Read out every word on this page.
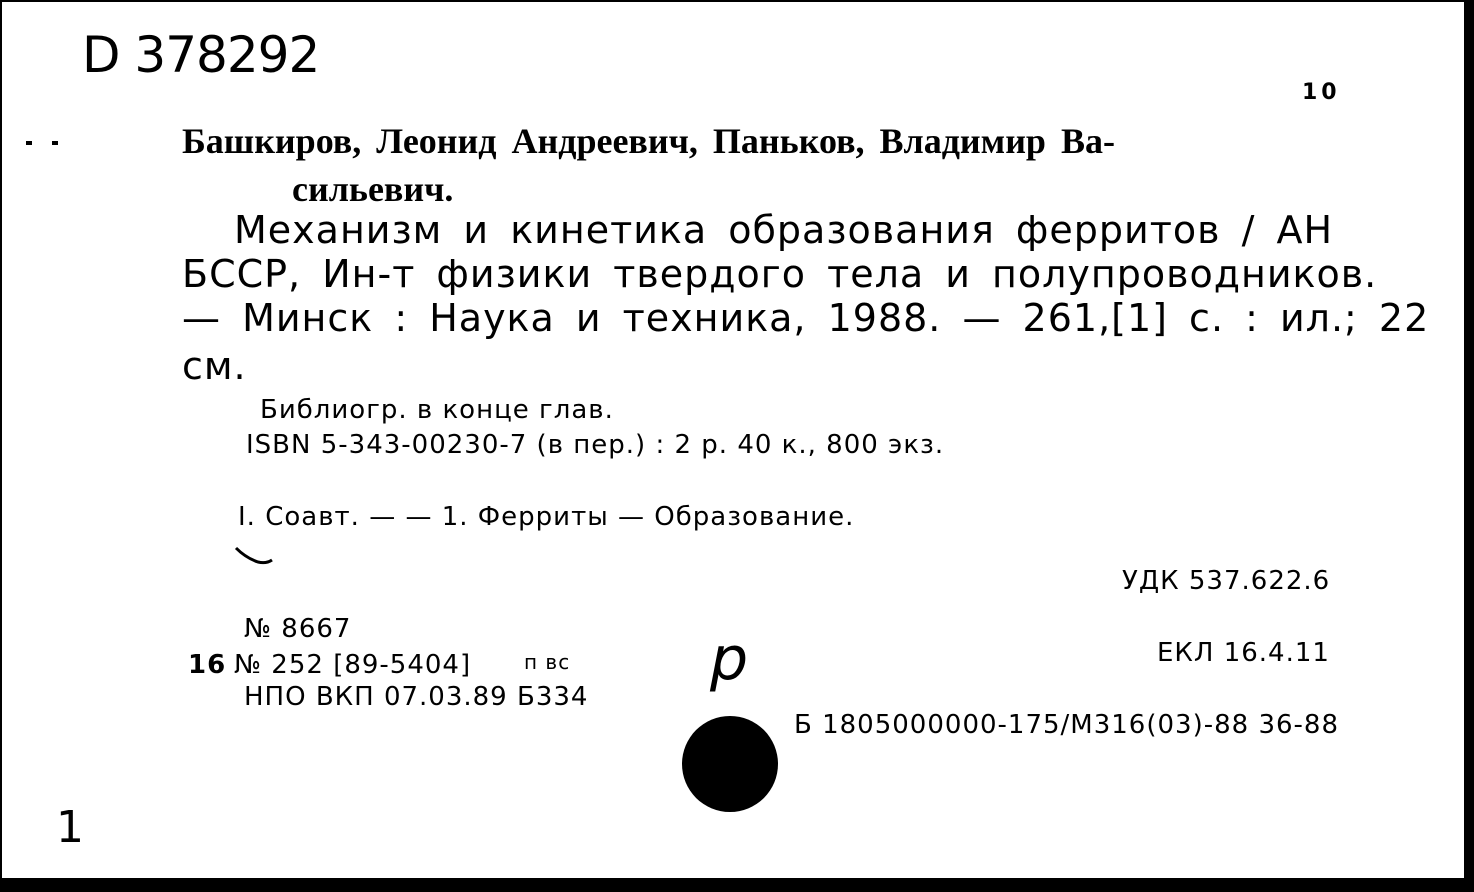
D 378292
10
Башкиров, Леонид Андреевич, Паньков, Владимир Ва-
сильевич.
Механизм и кинетика образования ферритов / АН
БССР, Ин-т физики твердого тела и полупроводников.
— Минск : Наука и техника, 1988. — 261,[1] с. : ил.; 22
см.
Библиогр. в конце глав.
ISBN 5-343-00230-7 (в пер.) : 2 р. 40 к., 800 экз.
I. Соавт. — — 1. Ферриты — Образование.
УДК 537.622.6
№ 8667
16 № 252 [89-5404]	п вс	ЕКЛ 16.4.11
НПО ВКП 07.03.89 Б334
р
Б 1805000000-175/М316(03)-88 36-88
1
